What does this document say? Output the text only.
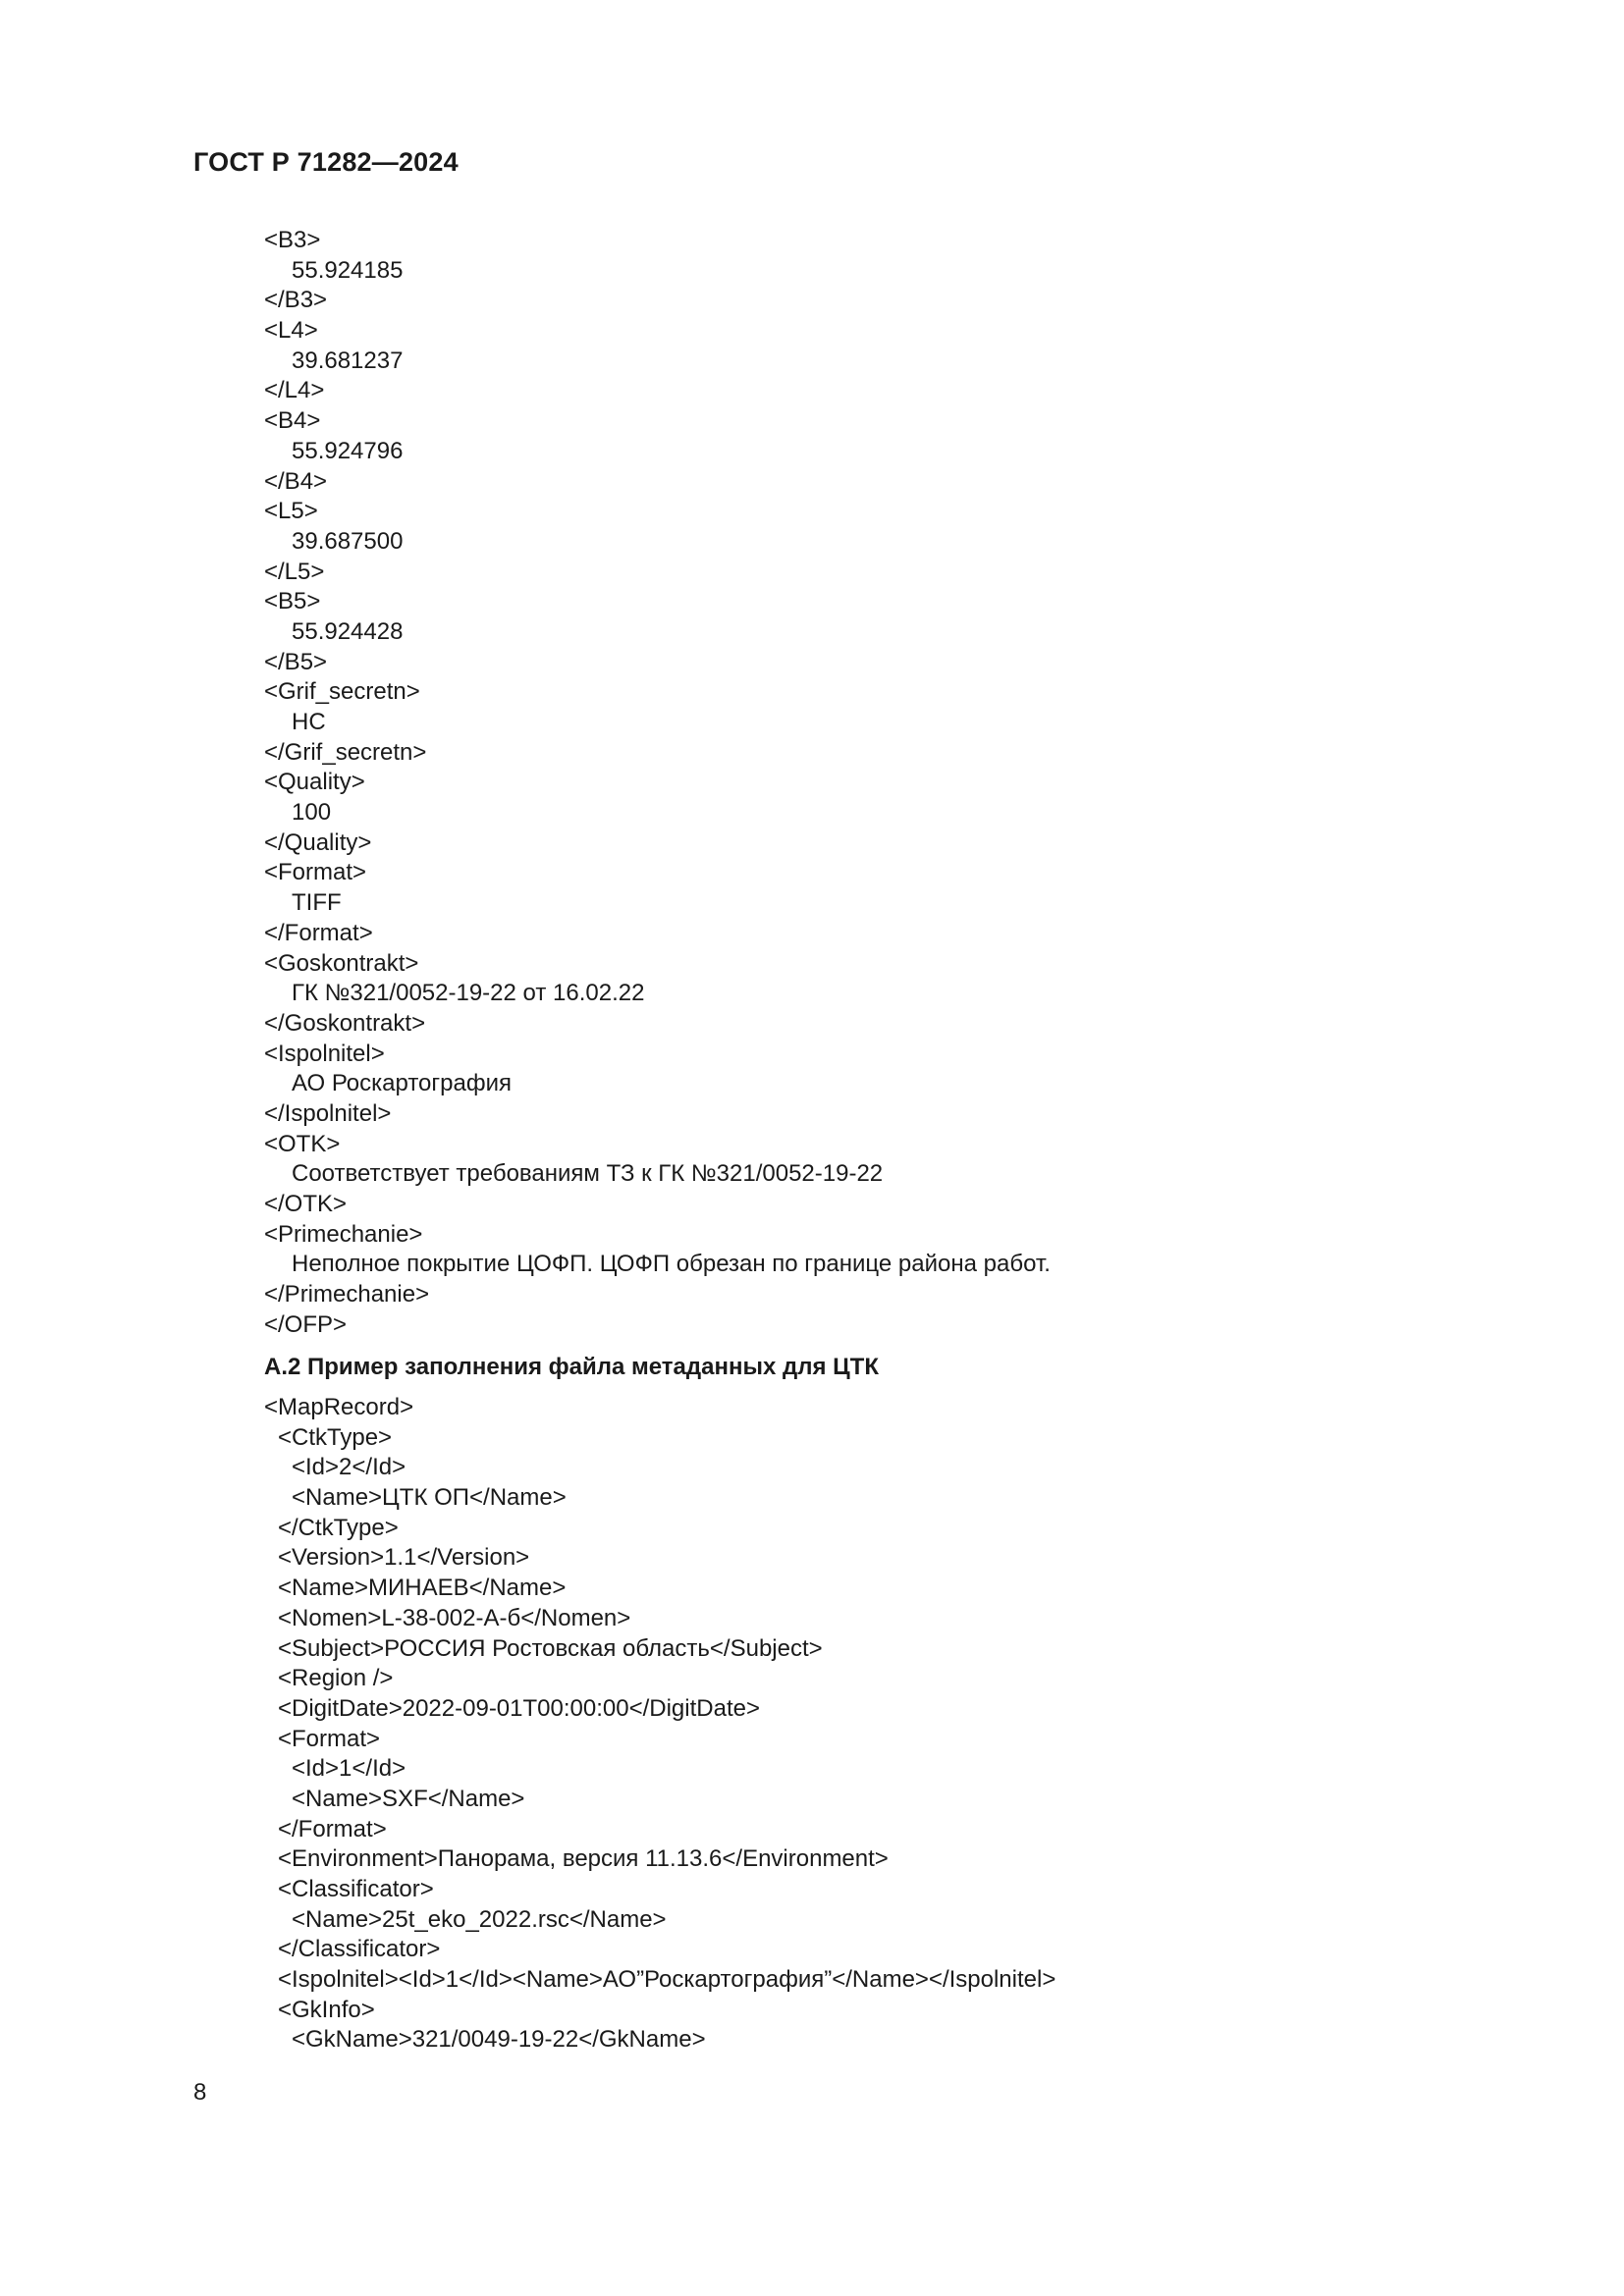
ГОСТ Р 71282—2024
<B3>
55.924185
</B3>
<L4>
39.681237
</L4>
<B4>
55.924796
</B4>
<L5>
39.687500
</L5>
<B5>
55.924428
</B5>
<Grif_secretn>
НС
</Grif_secretn>
<Quality>
100
</Quality>
<Format>
TIFF
</Format>
<Goskontrakt>
ГК №321/0052-19-22 от 16.02.22
</Goskontrakt>
<Ispolnitel>
АО Роскартография
</Ispolnitel>
<OTK>
Соответствует требованиям ТЗ к ГК №321/0052-19-22
</OTK>
<Primechanie>
Неполное покрытие ЦОФП. ЦОФП обрезан по границе района работ.
</Primechanie>
</OFP>
А.2 Пример заполнения файла метаданных для ЦТК
<MapRecord>
<CtkType>
<Id>2</Id>
<Name>ЦТК ОП</Name>
</CtkType>
<Version>1.1</Version>
<Name>МИНАЕВ</Name>
<Nomen>L-38-002-А-б</Nomen>
<Subject>РОССИЯ Ростовская область</Subject>
<Region />
<DigitDate>2022-09-01T00:00:00</DigitDate>
<Format>
<Id>1</Id>
<Name>SXF</Name>
</Format>
<Environment>Панорама, версия 11.13.6</Environment>
<Classificator>
<Name>25t_eko_2022.rsc</Name>
</Classificator>
<Ispolnitel><Id>1</Id><Name>АО”Роскартография”</Name></Ispolnitel>
<GkInfo>
<GkName>321/0049-19-22</GkName>
8
